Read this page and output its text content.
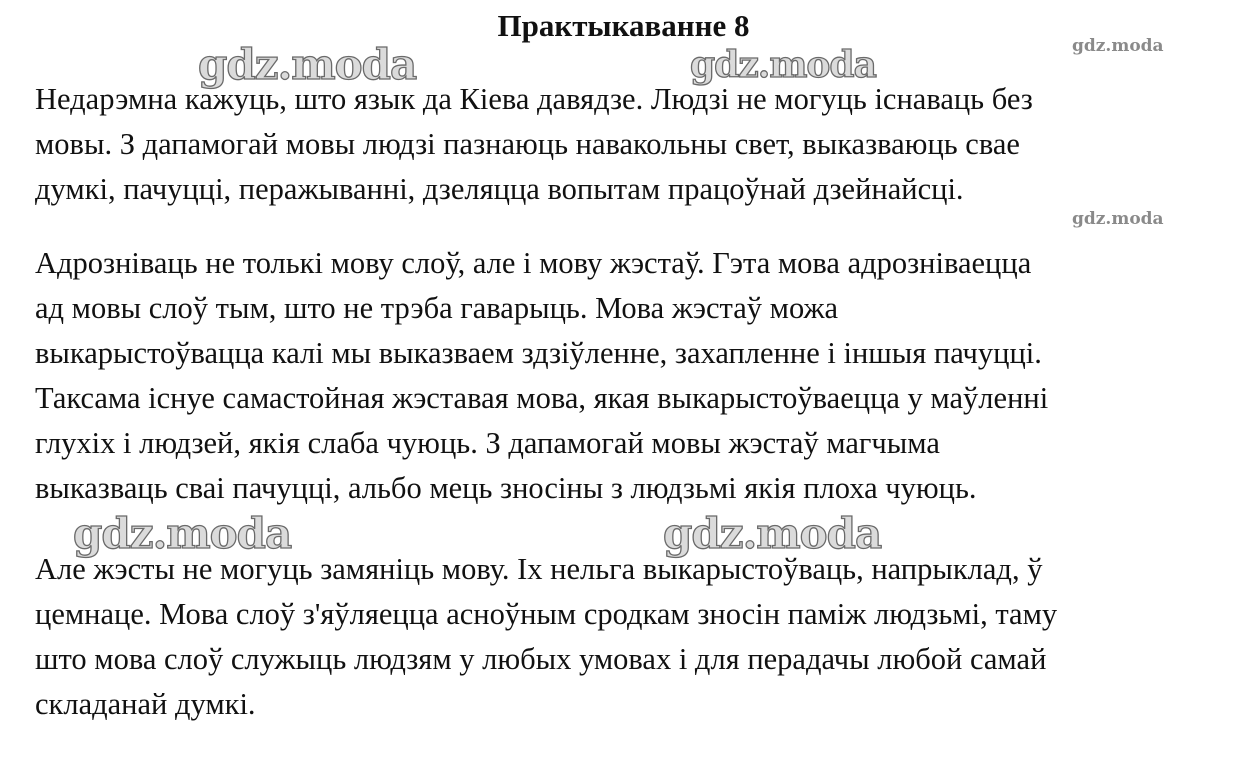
Практыкаванне 8
Недарэмна кажуць, што язык да Кіева давядзе. Людзі не могуць існаваць без
мовы. З дапамогай мовы людзі пазнаюць навакольны свет, выказваюць свае
думкі, пачуцці, перажыванні, дзеляцца вопытам працоўнай дзейнайсці.
Адрозніваць не толькі мову слоў, але і мову жэстаў. Гэта мова адрозніваецца
ад мовы слоў тым, што не трэба гаварыць. Мова жэстаў можа
выкарыстоўвацца калі мы выказваем здзіўленне, захапленне і іншыя пачуцці.
Таксама існуе самастойная жэставая мова, якая выкарыстоўваецца у маўленні
глухіх і людзей, якія слаба чуюць. З дапамогай мовы жэстаў магчыма
выказваць сваі пачуцці, альбо мець зносіны з людзьмі якія плоха чуюць.
Але жэсты не могуць замяніць мову. Іх нельга выкарыстоўваць, напрыклад, ў
цемнаце. Мова слоў з'яўляецца асноўным сродкам зносін паміж людзьмі, таму
што мова слоў служыць людзям у любых умовах і для перадачы любой самай
складанай думкі.
gdz.moda	gdz.moda	gdz.moda
gdz.moda
gdz.moda	gdz.moda
